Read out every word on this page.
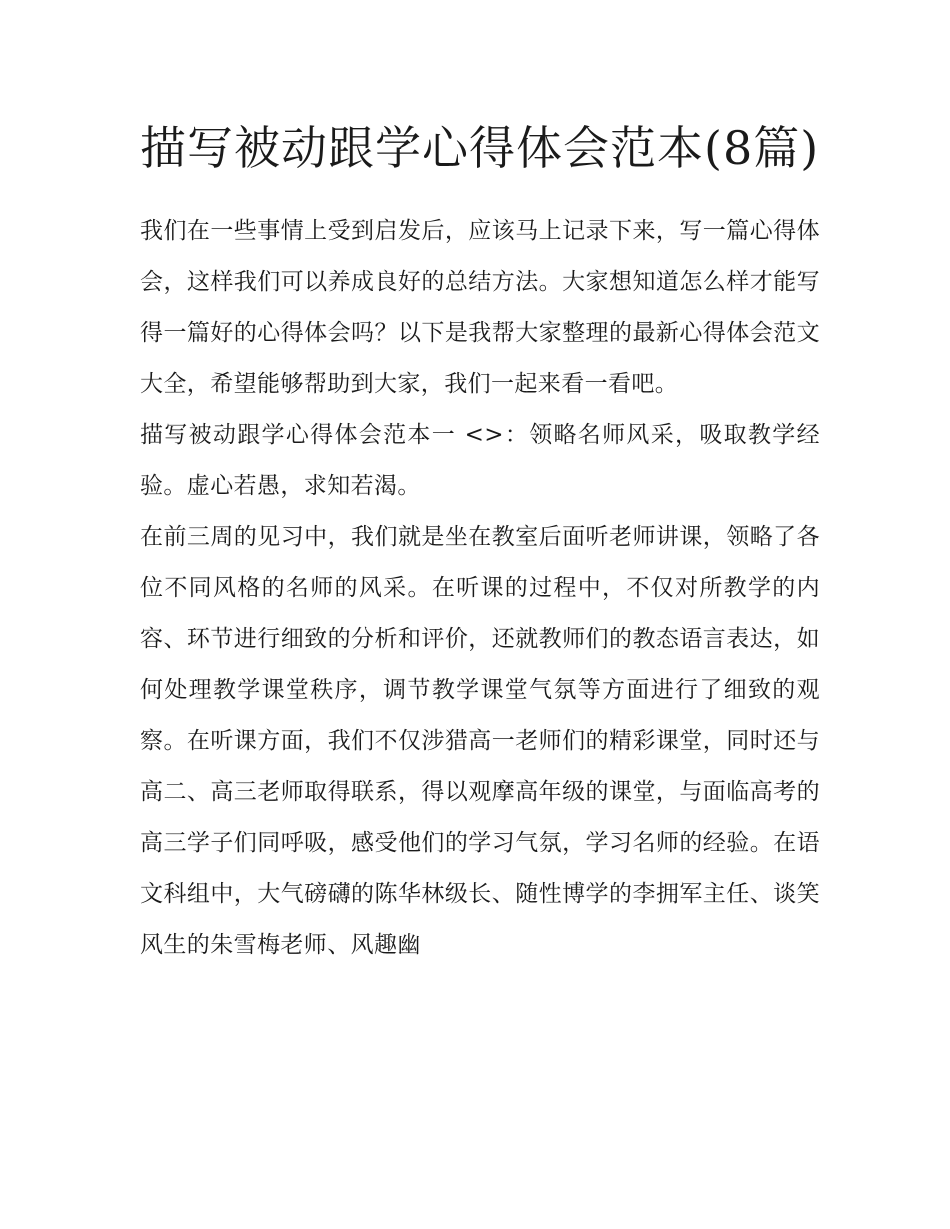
描写被动跟学心得体会范本(8篇)

我们在一些事情上受到启发后，应该马上记录下来，写一篇心得体会，这样我们可以养成良好的总结方法。大家想知道怎么样才能写得一篇好的心得体会吗？以下是我帮大家整理的最新心得体会范文大全，希望能够帮助到大家，我们一起来看一看吧。

描写被动跟学心得体会范本一 <>：领略名师风采，吸取教学经验。虚心若愚，求知若渴。

在前三周的见习中，我们就是坐在教室后面听老师讲课，领略了各位不同风格的名师的风采。在听课的过程中，不仅对所教学的内容、环节进行细致的分析和评价，还就教师们的教态语言表达，如何处理教学课堂秩序，调节教学课堂气氛等方面进行了细致的观察。在听课方面，我们不仅涉猎高一老师们的精彩课堂，同时还与高二、高三老师取得联系，得以观摩高年级的课堂，与面临高考的高三学子们同呼吸，感受他们的学习气氛，学习名师的经验。在语文科组中，大气磅礴的陈华林级长、随性博学的李拥军主任、谈笑风生的朱雪梅老师、风趣幽
